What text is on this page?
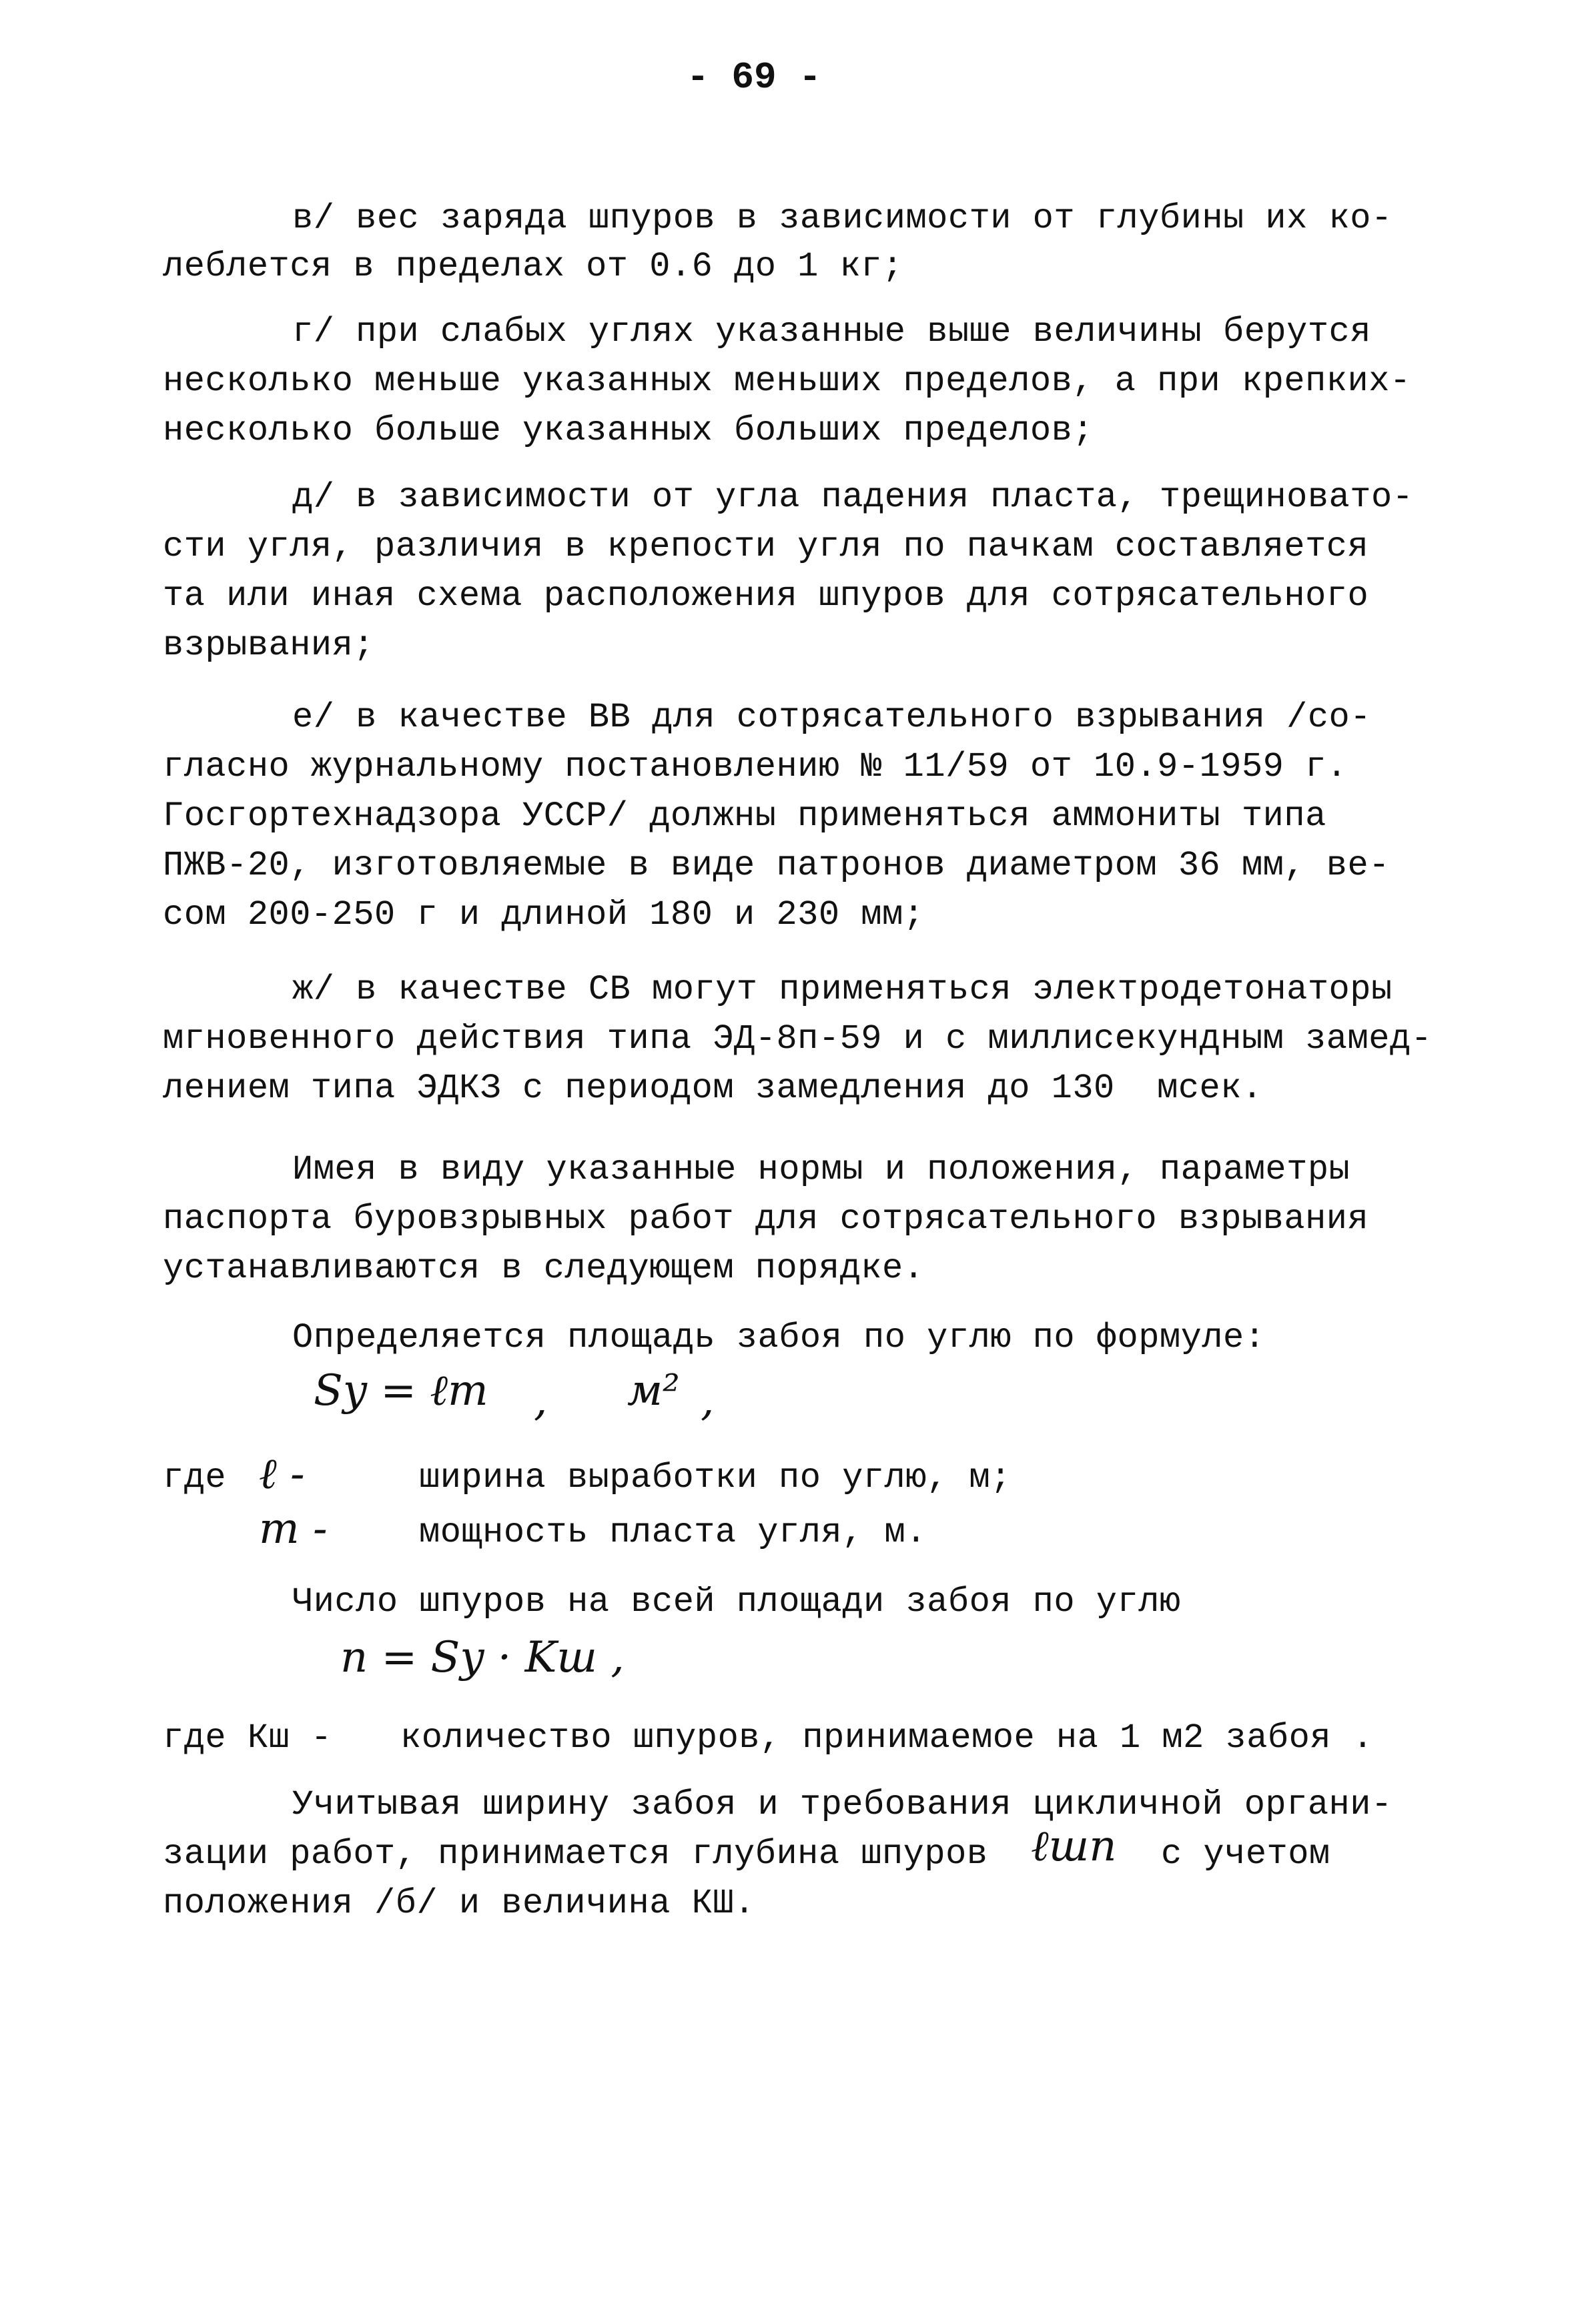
- 69 -
в/ вес заряда шпуров в зависимости от глубины их ко-
леблется в пределах от 0.6 до 1 кг;
г/ при слабых углях указанные выше величины берутся
несколько меньше указанных меньших пределов, а при крепких-
несколько больше указанных больших пределов;
д/ в зависимости от угла падения пласта, трещиновато-
сти угля, различия в крепости угля по пачкам составляется
та или иная схема расположения шпуров для сотрясательного
взрывания;
е/ в качестве ВВ для сотрясательного взрывания /со-
гласно журнальному постановлению № 11/59 от 10.9-1959 г.
Госгортехнадзора УССР/ должны применяться аммониты типа
ПЖВ-20, изготовляемые в виде патронов диаметром 36 мм, ве-
сом 200-250 г и длиной 180 и 230 мм;
ж/ в качестве СВ могут применяться электродетонаторы
мгновенного действия типа ЭД-8п-59 и с миллисекундным замед-
лением типа ЭДКЗ с периодом замедления до 130  мсек.
Имея в виду указанные нормы и положения, параметры
паспорта буровзрывных работ для сотрясательного взрывания
устанавливаются в следующем порядке.
Определяется площадь забоя по углю по формуле:
Sy = ℓm , м² ,
где ℓ -	ширина выработки по углю, м;
m -	мощность пласта угля, м.
Число шпуров на всей площади забоя по углю
n = Sy · Kш ,
где Кш - количество шпуров, принимаемое на 1 м2 забоя .
Учитывая ширину забоя и требования цикличной органи-
зации работ, принимается глубина шпуров ℓшп с учетом
положения /б/ и величина КШ.
